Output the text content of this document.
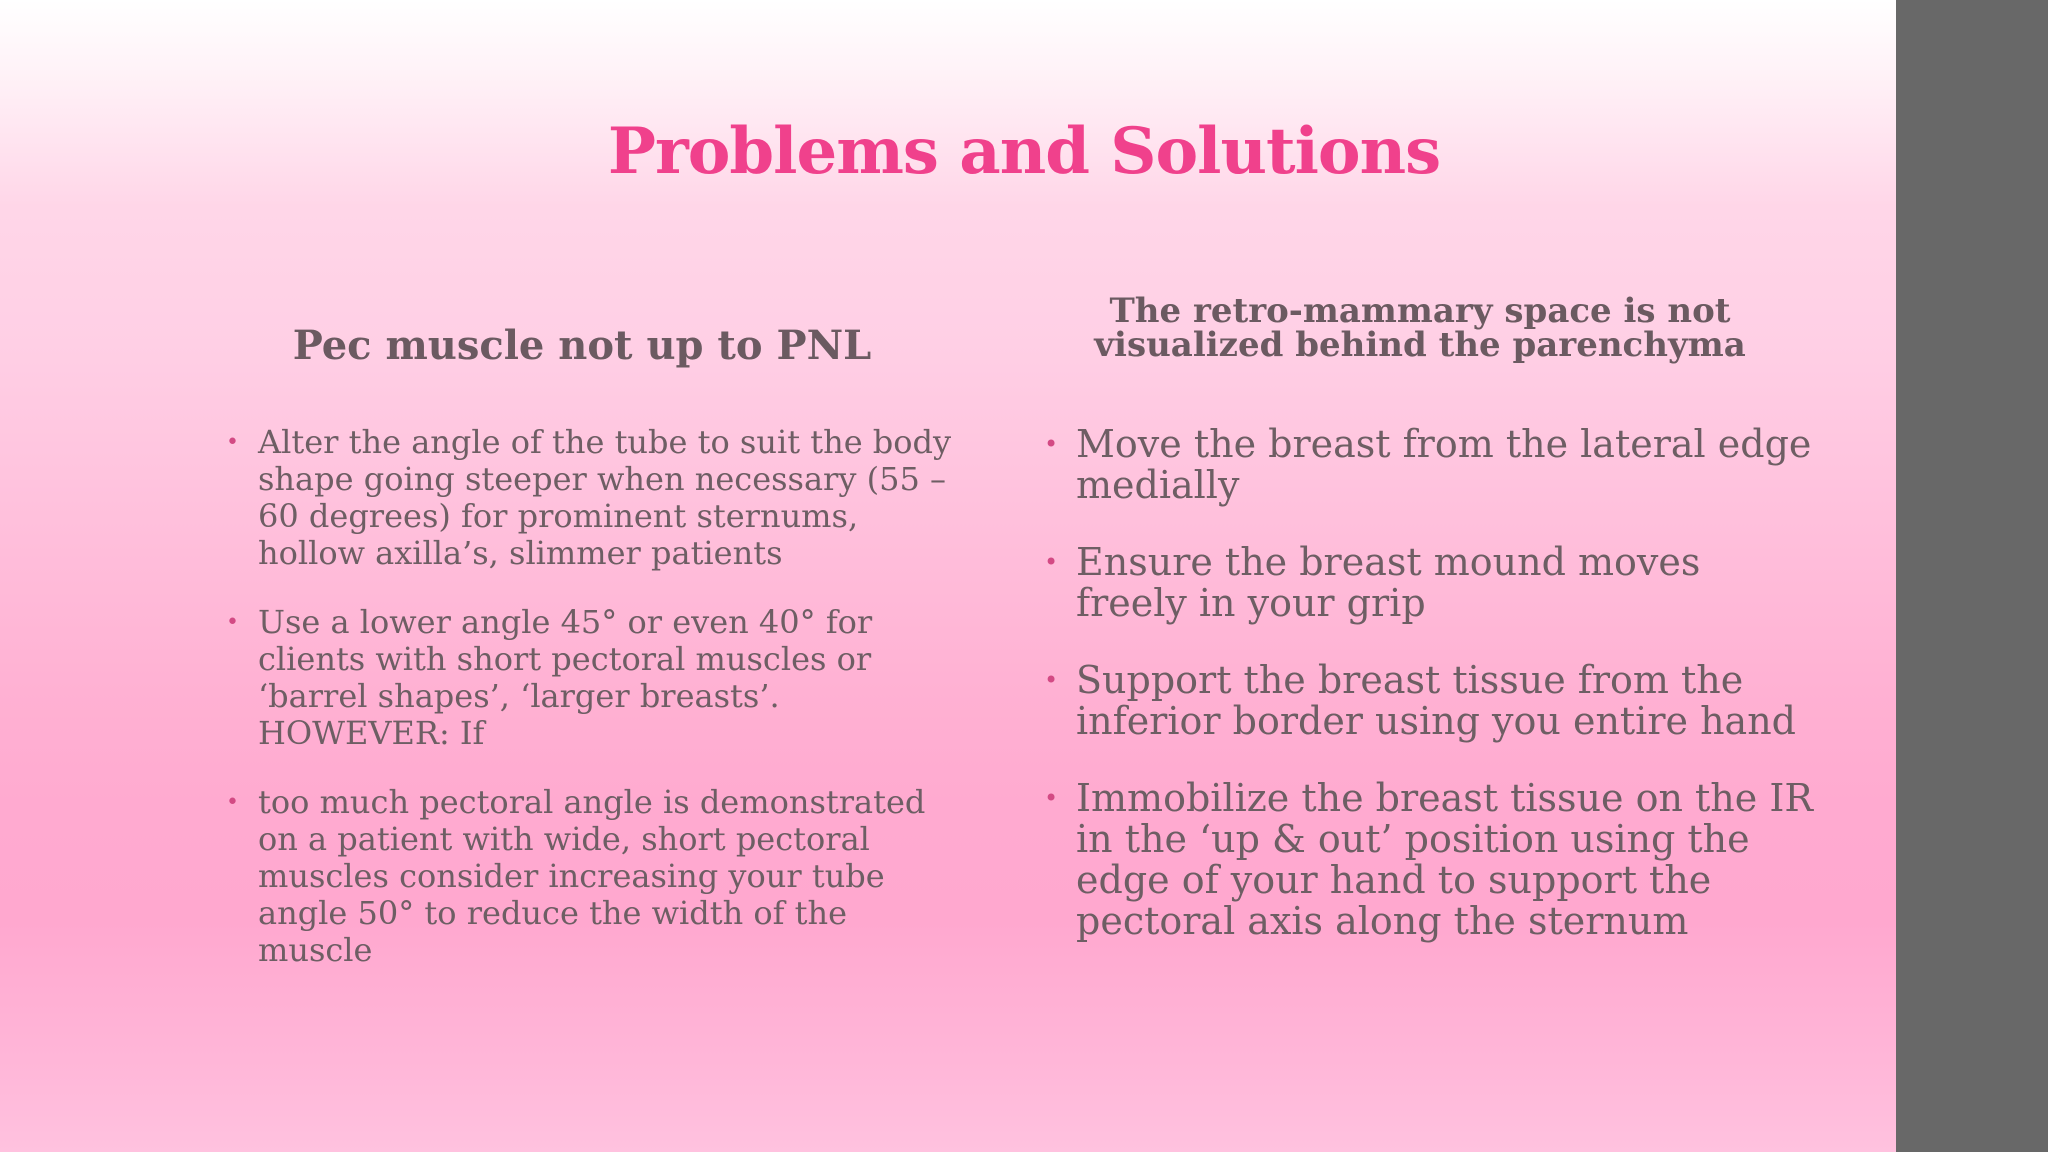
Problems and Solutions
Pec muscle not up to PNL
• Alter the angle of the tube to suit the body shape going steeper when necessary (55 – 60 degrees) for prominent sternums, hollow axilla’s, slimmer patients
• Use a lower angle 45° or even 40° for clients with short pectoral muscles or ‘barrel shapes’, ‘larger breasts’. HOWEVER: If
• too much pectoral angle is demonstrated on a patient with wide, short pectoral muscles consider increasing your tube angle 50° to reduce the width of the muscle
The retro-mammary space is not visualized behind the parenchyma
• Move the breast from the lateral edge medially
• Ensure the breast mound moves freely in your grip
• Support the breast tissue from the inferior border using you entire hand
• Immobilize the breast tissue on the IR in the ‘up & out’ position using the edge of your hand to support the pectoral axis along the sternum
